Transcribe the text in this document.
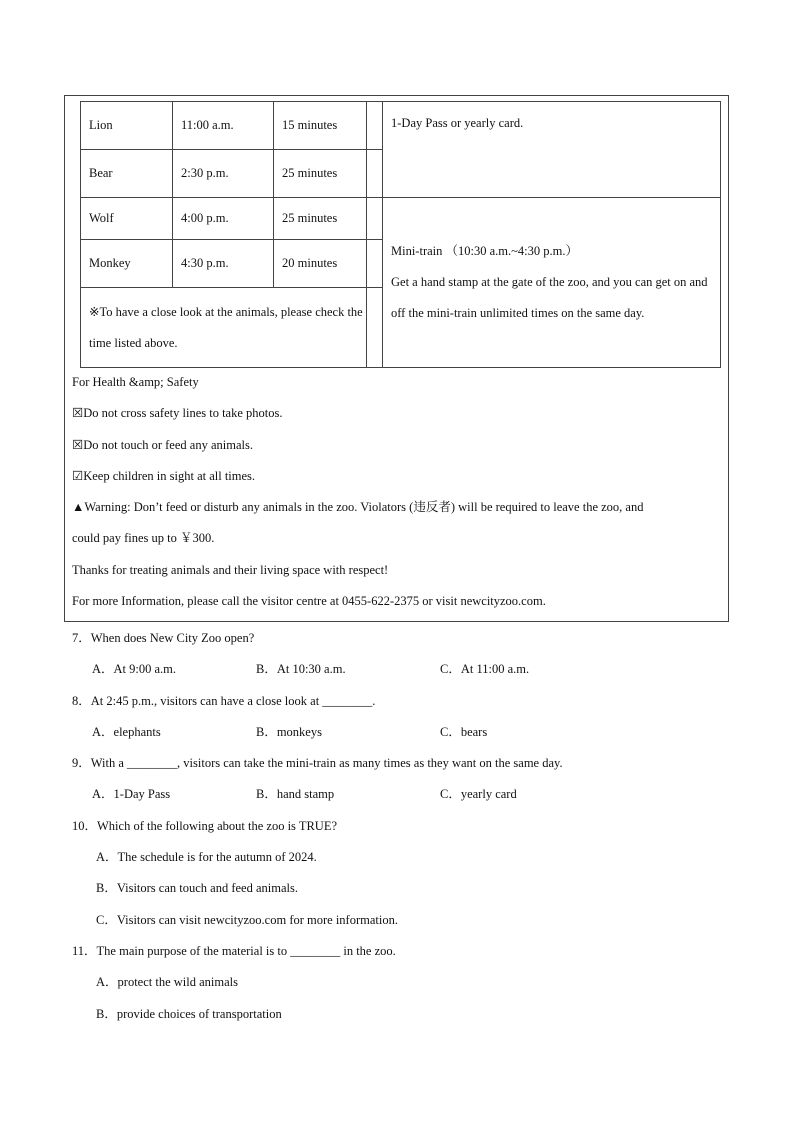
Lion	11:00 a.m.	15 minutes		1-Day Pass or yearly card.
Bear	2:30 p.m.	25 minutes		
Wolf	4:00 p.m.	25 minutes		Mini-train （10:30 a.m.~4:30 p.m.）
Get a hand stamp at the gate of the zoo, and you can get on and off the mini-train unlimited times on the same day.

Monkey	4:30 p.m.	20 minutes		
※To have a close look at the animals, please check the time listed above.				
For Health &amp; Safety
☒Do not cross safety lines to take photos.
☒Do not touch or feed any animals.
☑Keep children in sight at all times.
▲Warning: Don’t feed or disturb any animals in the zoo. Violators (违反者) will be required to leave the zoo, and
could pay fines up to ￥300.
Thanks for treating animals and their living space with respect!
For more Information, please call the visitor centre at 0455-622-2375 or visit newcityzoo.com.
7．When does New City Zoo open?
A．At 9:00 a.m.	B．At 10:30 a.m.	C．At 11:00 a.m.
8．At 2:45 p.m., visitors can have a close look at ________.
A．elephants	B．monkeys	C．bears
9．With a ________, visitors can take the mini-train as many times as they want on the same day.
A．1-Day Pass	B．hand stamp	C．yearly card
10．Which of the following about the zoo is TRUE?
A．The schedule is for the autumn of 2024.
B．Visitors can touch and feed animals.
C．Visitors can visit newcityzoo.com for more information.
11．The main purpose of the material is to ________ in the zoo.
A．protect the wild animals
B．provide choices of transportation
